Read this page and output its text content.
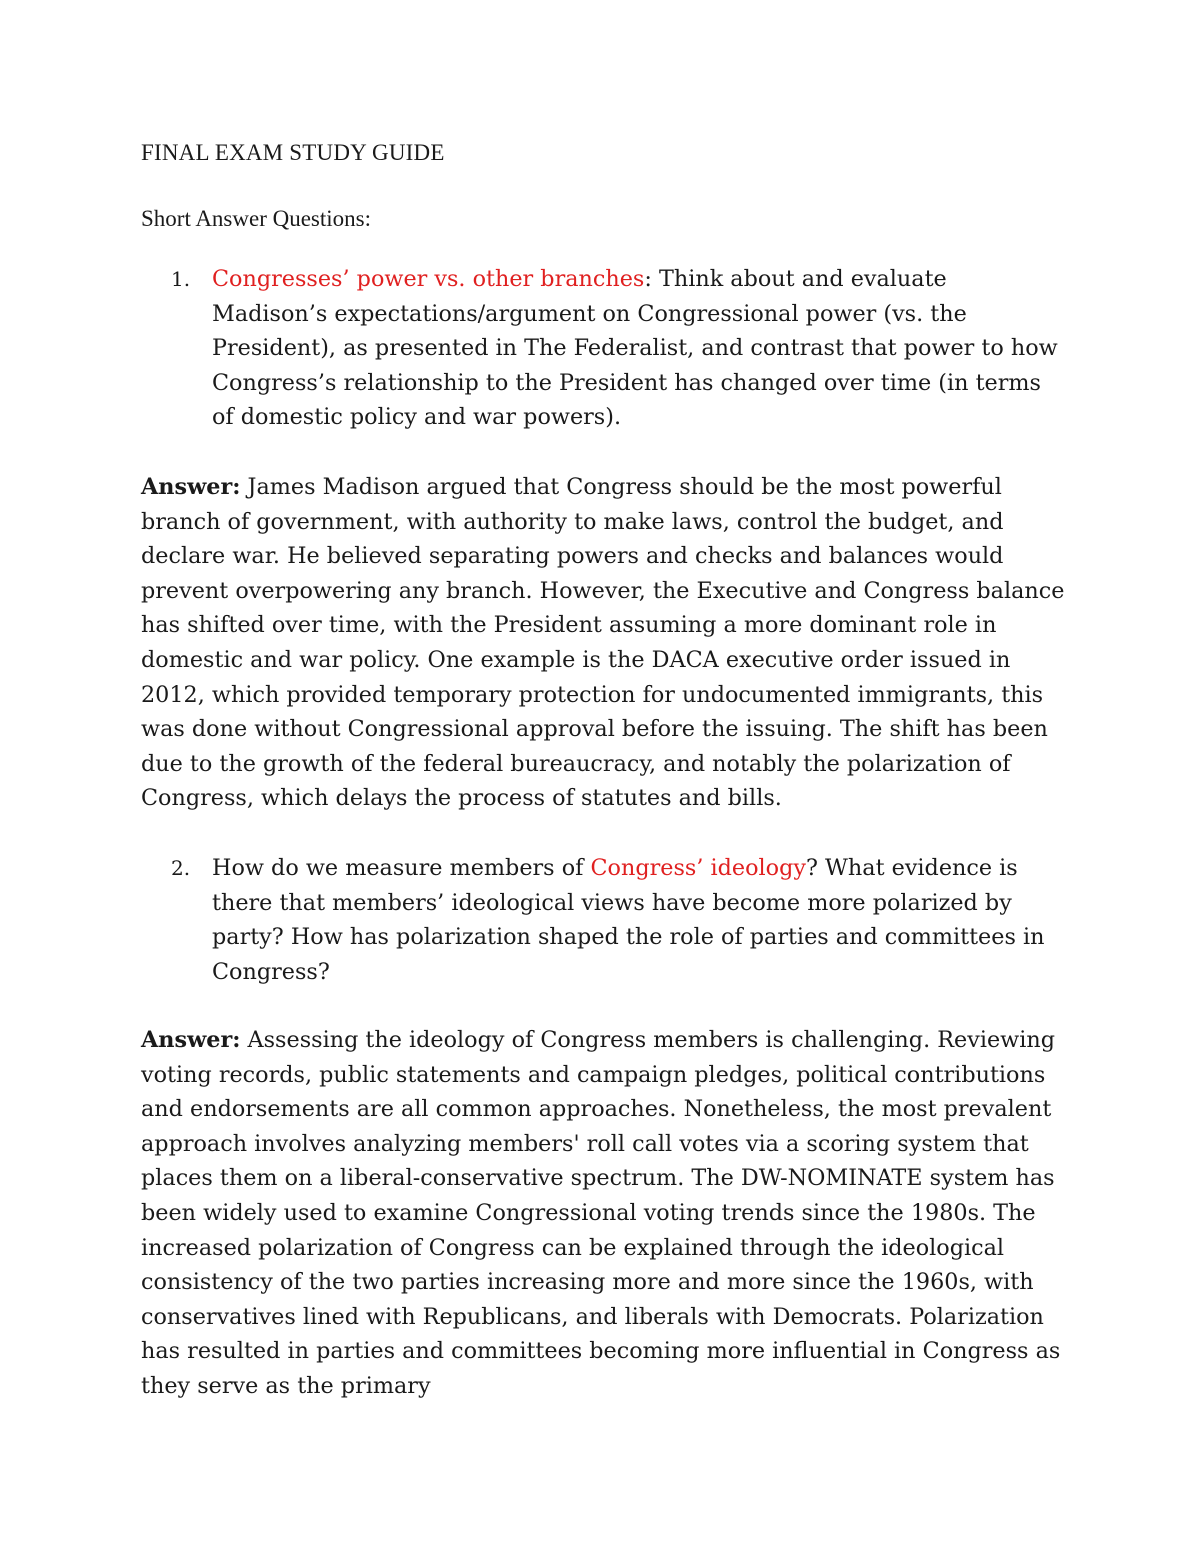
FINAL EXAM STUDY GUIDE
Short Answer Questions:
1. Congresses’ power vs. other branches: Think about and evaluate Madison’s expectations/argument on Congressional power (vs. the President), as presented in The Federalist, and contrast that power to how Congress’s relationship to the President has changed over time (in terms of domestic policy and war powers).
Answer: James Madison argued that Congress should be the most powerful branch of government, with authority to make laws, control the budget, and declare war. He believed separating powers and checks and balances would prevent overpowering any branch. However, the Executive and Congress balance has shifted over time, with the President assuming a more dominant role in domestic and war policy. One example is the DACA executive order issued in 2012, which provided temporary protection for undocumented immigrants, this was done without Congressional approval before the issuing. The shift has been due to the growth of the federal bureaucracy, and notably the polarization of Congress, which delays the process of statutes and bills.
2. How do we measure members of Congress’ ideology? What evidence is there that members’ ideological views have become more polarized by party? How has polarization shaped the role of parties and committees in Congress?
Answer: Assessing the ideology of Congress members is challenging. Reviewing voting records, public statements and campaign pledges, political contributions and endorsements are all common approaches. Nonetheless, the most prevalent approach involves analyzing members' roll call votes via a scoring system that places them on a liberal-conservative spectrum. The DW-NOMINATE system has been widely used to examine Congressional voting trends since the 1980s. The increased polarization of Congress can be explained through the ideological consistency of the two parties increasing more and more since the 1960s, with conservatives lined with Republicans, and liberals with Democrats. Polarization has resulted in parties and committees becoming more influential in Congress as they serve as the primary
